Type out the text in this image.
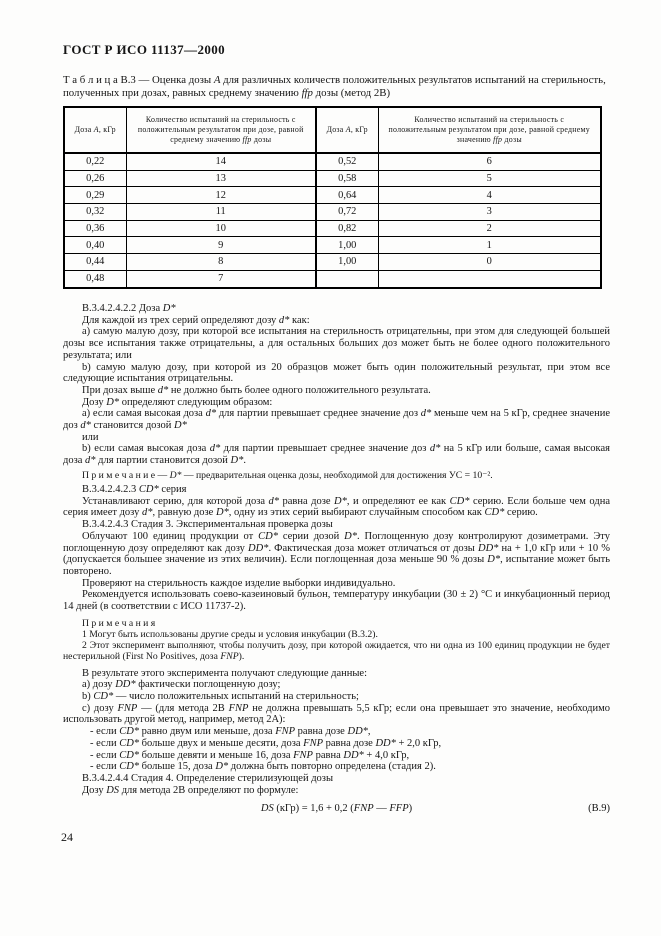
ГОСТ Р ИСО 11137—2000
Т а б л и ц а В.3 — Оценка дозы A для различных количеств положительных результатов испытаний на стерильность, полученных при дозах, равных среднему значению ffp дозы (метод 2В)
Доза A, кГр	Количество испытаний на стерильность с положительным результатом при дозе, равной среднему значению ffp дозы	Доза A, кГр	Количество испытаний на стерильность с положительным результатом при дозе, равной среднему значению ffp дозы
0,22	14	0,52	6
0,26	13	0,58	5
0,29	12	0,64	4
0,32	11	0,72	3
0,36	10	0,82	2
0,40	9	1,00	1
0,44	8	1,00	0
0,48	7		

В.3.4.2.4.2.2 Доза D*

Для каждой из трех серий определяют дозу d* как:

а) самую малую дозу, при которой все испытания на стерильность отрицательны, при этом для следующей большей дозы все испытания также отрицательны, а для остальных больших доз может быть не более одного положительного результата; или

b) самую малую дозу, при которой из 20 образцов может быть один положительный результат, при этом все следующие испытания отрицательны.

При дозах выше d* не должно быть более одного положительного результата.

Дозу D* определяют следующим образом:

а) если самая высокая доза d* для партии превышает среднее значение доз d* меньше чем на 5 кГр, среднее значение доз d* становится дозой D*

или

b) если самая высокая доза d* для партии превышает среднее значение доз d* на 5 кГр или больше, самая высокая доза d* для партии становится дозой D*.

П р и м е ч а н и е — D* — предварительная оценка дозы, необходимой для достижения УС = 10⁻².

В.3.4.2.4.2.3 CD* серия

Устанавливают серию, для которой доза d* равна дозе D*, и определяют ее как CD* серию. Если больше чем одна серия имеет дозу d*, равную дозе D*, одну из этих серий выбирают случайным способом как CD* серию.

В.3.4.2.4.3 Стадия 3. Экспериментальная проверка дозы

Облучают 100 единиц продукции от CD* серии дозой D*. Поглощенную дозу контролируют дозиметрами. Эту поглощенную дозу определяют как дозу DD*. Фактическая доза может отличаться от дозы DD* на + 1,0 кГр или + 10 % (допускается большее значение из этих величин). Если поглощенная доза меньше 90 % дозы D*, испытание может быть повторено.

Проверяют на стерильность каждое изделие выборки индивидуально.

Рекомендуется использовать соево-казеиновый бульон, температуру инкубации (30 ± 2) °С и инкубационный период 14 дней (в соответствии с ИСО 11737-2).

П р и м е ч а н и я

1 Могут быть использованы другие среды и условия инкубации (В.3.2).

2 Этот эксперимент выполняют, чтобы получить дозу, при которой ожидается, что ни одна из 100 единиц продукции не будет нестерильной (First No Positives, доза FNP).

В результате этого эксперимента получают следующие данные:

a) дозу DD* фактически поглощенную дозу;

b) CD* — число положительных испытаний на стерильность;

c) дозу FNP — (для метода 2В FNP не должна превышать 5,5 кГр; если она превышает это значение, необходимо использовать другой метод, например, метод 2А):

- если CD* равно двум или меньше, доза FNP равна дозе DD*,

- если CD* больше двух и меньше десяти, доза FNP равна дозе DD* + 2,0 кГр,

- если CD* больше девяти и меньше 16, доза FNP равна DD* + 4,0 кГр,

- если CD* больше 15, доза D* должна быть повторно определена (стадия 2).

В.3.4.2.4.4 Стадия 4. Определение стерилизующей дозы

Дозу DS для метода 2В определяют по формуле:

DS (кГр) = 1,6 + 0,2 (FNP — FFP)	(В.9)

24
